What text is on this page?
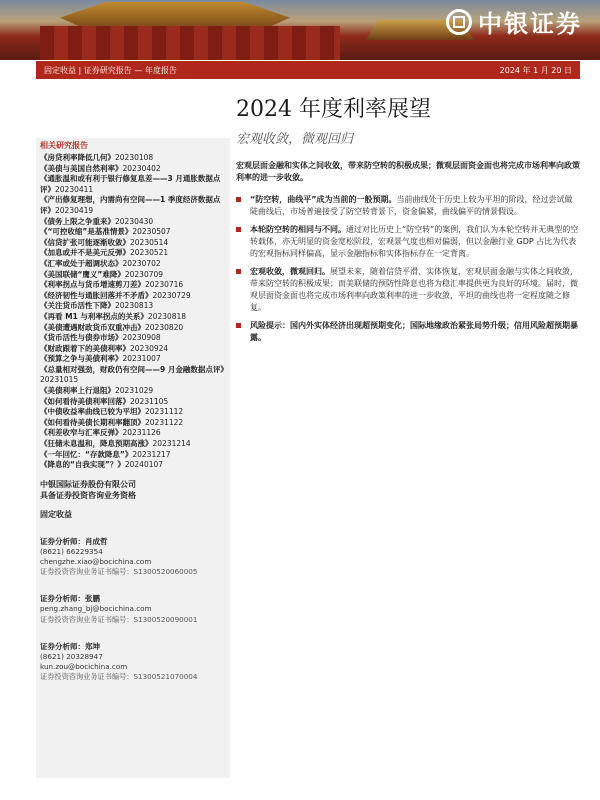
中银证券
固定收益 | 证券研究报告 — 年度报告	2024 年 1 月 20 日
2024 年度利率展望
宏观收敛，微观回归
相关研究报告
《房贷利率降低几何》20230108
《美债与美国自然利率》20230402
《通胀温和或有利于银行修复息差——3 月通胀数据点评》20230411
《产出修复理想，内需尚有空间——1 季度经济数据点评》20230419
《债务上限之争重来》20230430
《“可控收缩”是基准情景》20230507
《信贷扩张可能逐渐收敛》20230514
《加息或并不是美元反弹》20230521
《汇率或处于超调状态》20230702
《美国联储“鹰义”难降》20230709
《利率拐点与货币增速剪刀差》20230716
《经济韧性与通胀回落并不矛盾》20230729
《关注货币活性下降》20230813
《再看 M1 与利率拐点的关系》20230818
《美债遭遇财政货币双重冲击》20230820
《货币活性与债券市场》20230908
《财政跟着下的美债利率》20230924
《预算之争与美债利率》20231007
《总量相对强劲，财政仍有空间——9 月金融数据点评》20231015
《美债利率上行退阻》20231029
《如何看待美债利率回落》20231105
《中债收益率曲线已较为平坦》20231112
《如何看待美债长期利率翻顶》20231122
《利差收窄与汇率反弹》20231126
《狂储未息温和，降息预期高涨》20231214
《一年回忆：“存款降息”》20231217
《降息的“自我实现”？》20240107
中银国际证券股份有限公司
具备证券投资咨询业务资格
固定收益
证券分析师：肖成哲
(8621) 66229354
chengzhe.xiao@bocichina.com
证券投资咨询业务证书编号：S1300520060005
证券分析师：张鹏
peng.zhang_bj@bocichina.com
证券投资咨询业务证书编号：S1300520090001
证券分析师：郑坤
(8621) 20328947
kun.zou@bocichina.com
证券投资咨询业务证书编号：S1300521070004
宏观层面金融和实体之间收敛，带来防空转的积极成果；微观层面资金面也将完成市场利率向政策利率的进一步收敛。
“防空转，曲线平”成为当前的一般预期。当前曲线处于历史上较为平坦的阶段，经过尝试做陡曲线后，市场普遍接受了防空转背景下，资金偏紧，曲线偏平的情景假设。
本轮防空转的相同与不同。通过对比历史上“防空转”的案例，我们认为本轮空转并无典型的空转载体，亦无明显的资金宽松阶段，宏观景气度也相对偏弱，但以金融行业 GDP 占比为代表的宏观指标同样偏高，显示金融指标和实体指标存在一定背离。
宏观收敛，微观回归。展望未来，随着信贷平滑、实体恢复，宏观层面金融与实体之间收敛，带来防空转的积极成果；而美联储的预防性降息也将为稳汇率提供更为良好的环境。届时，微观层面资金面也将完成市场利率向政策利率的进一步收敛，平坦的曲线也将一定程度随之修复。
风险提示：国内外实体经济出现超预期变化；国际地缘政治紧张局势升级；信用风险超预期暴露。
